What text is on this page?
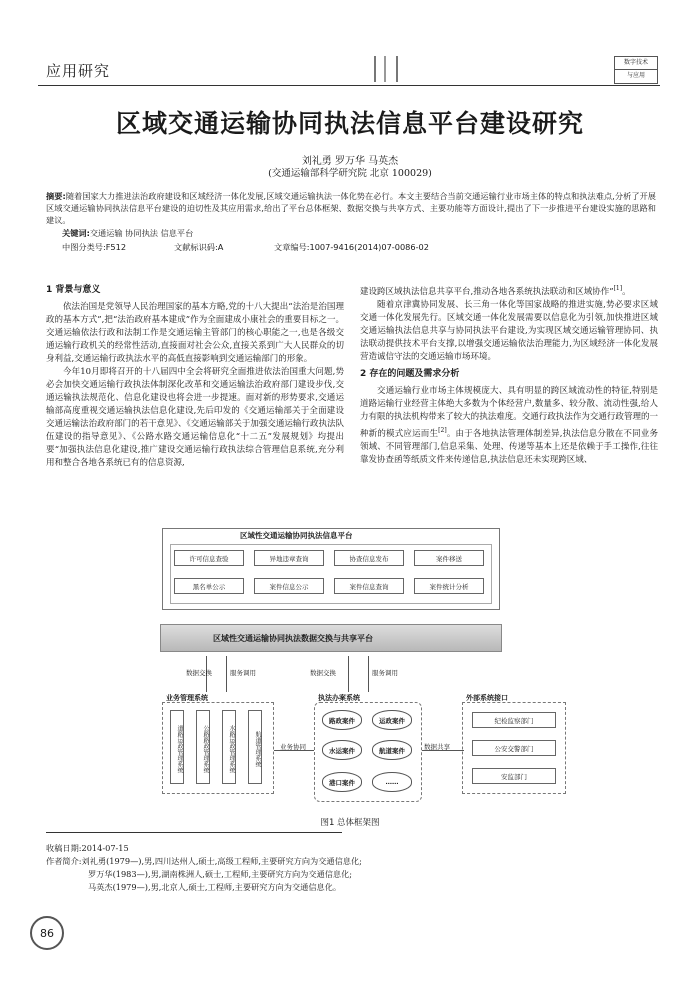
应用研究	数字技术
与应用
区域交通运输协同执法信息平台建设研究
刘礼勇 罗万华 马英杰
(交通运输部科学研究院 北京 100029)
摘要:随着国家大力推进法治政府建设和区域经济一体化发展,区域交通运输执法一体化势在必行。本文主要结合当前交通运输行业市场主体的特点和执法难点,分析了开展区域交通运输协同执法信息平台建设的迫切性及其应用需求,给出了平台总体框架、数据交换与共享方式、主要功能等方面设计,提出了下一步推进平台建设实施的思路和建议。
关键词:交通运输 协同执法 信息平台
中图分类号:F512	文献标识码:A	文章编号:1007-9416(2014)07-0086-02
1 背景与意义
依法治国是党领导人民治理国家的基本方略,党的十八大提出“法治是治国理政的基本方式”,把“法治政府基本建成”作为全面建成小康社会的重要目标之一。交通运输依法行政和法制工作是交通运输主管部门的核心职能之一,也是各级交通运输行政机关的经常性活动,直接面对社会公众,直接关系到广大人民群众的切身利益,交通运输行政执法水平的高低直接影响到交通运输部门的形象。
今年10月即将召开的十八届四中全会将研究全面推进依法治国重大问题,势必会加快交通运输行政执法体制深化改革和交通运输法治政府部门建设步伐,交通运输执法规范化、信息化建设也将会进一步提速。面对新的形势要求,交通运输部高度重视交通运输执法信息化建设,先后印发的《交通运输部关于全面建设交通运输法治政府部门的若干意见》、《交通运输部关于加强交通运输行政执法队伍建设的指导意见》、《公路水路交通运输信息化“十二五”发展规划》均提出要“加强执法信息化建设,推广建设交通运输行政执法综合管理信息系统,充分利用和整合各地各系统已有的信息资源,
建设跨区域执法信息共享平台,推动各地各系统执法联动和区域协作”[1]。
随着京津冀协同发展、长三角一体化等国家战略的推进实施,势必要求区域交通一体化发展先行。区域交通一体化发展需要以信息化为引领,加快推进区域交通运输执法信息共享与协同执法平台建设,为实现区域交通运输管理协同、执法联动提供技术平台支撑,以增强交通运输依法治理能力,为区域经济一体化发展营造诚信守法的交通运输市场环境。
2 存在的问题及需求分析
交通运输行业市场主体规模庞大、具有明显的跨区域流动性的特征,特别是道路运输行业经营主体绝大多数为个体经营户,数量多、较分散、流动性强,给人力有限的执法机构带来了较大的执法难度。交通行政执法作为交通行政管理的一种新的模式应运而生[2]。由于各地执法管理体制差异,执法信息分散在不同业务领域、不同管理部门,信息采集、处理、传递等基本上还是依赖于手工操作,往往靠发协查函等纸质文件来传递信息,执法信息还未实现跨区域、
区域性交通运输协同执法信息平台
许可信息查验	异地违章查询	协查信息发布	案件移送
黑名单公示	案件信息公示	案件信息查询	案件统计分析
区域性交通运输协同执法数据交换与共享平台
数据交换	服务调用	数据交换	服务调用
业务管理系统
道路运政管理系统	公路路政管理系统	水路运政管理系统	航道管理系统	业务协同
执法办案系统
路政案件	运政案件
水运案件	航道案件
港口案件	……
数据共享
外部系统接口
纪检监察部门
公安交警部门
安监部门
图1 总体框架图
收稿日期:2014-07-15
作者简介:刘礼勇(1979—),男,四川达州人,硕士,高级工程师,主要研究方向为交通信息化;
罗万华(1983—),男,湖南株洲人,硕士,工程师,主要研究方向为交通信息化;
马英杰(1979—),男,北京人,硕士,工程师,主要研究方向为交通信息化。
86
